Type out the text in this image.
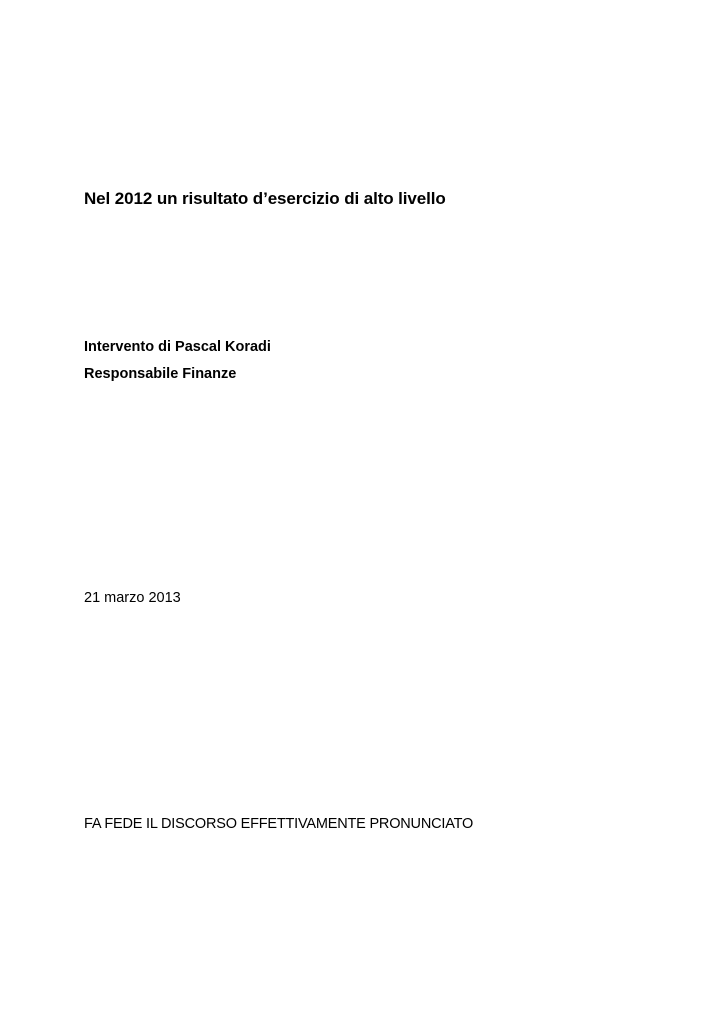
Nel 2012 un risultato d’esercizio di alto livello
Intervento di Pascal Koradi
Responsabile Finanze
21 marzo 2013
FA FEDE IL DISCORSO EFFETTIVAMENTE PRONUNCIATO
